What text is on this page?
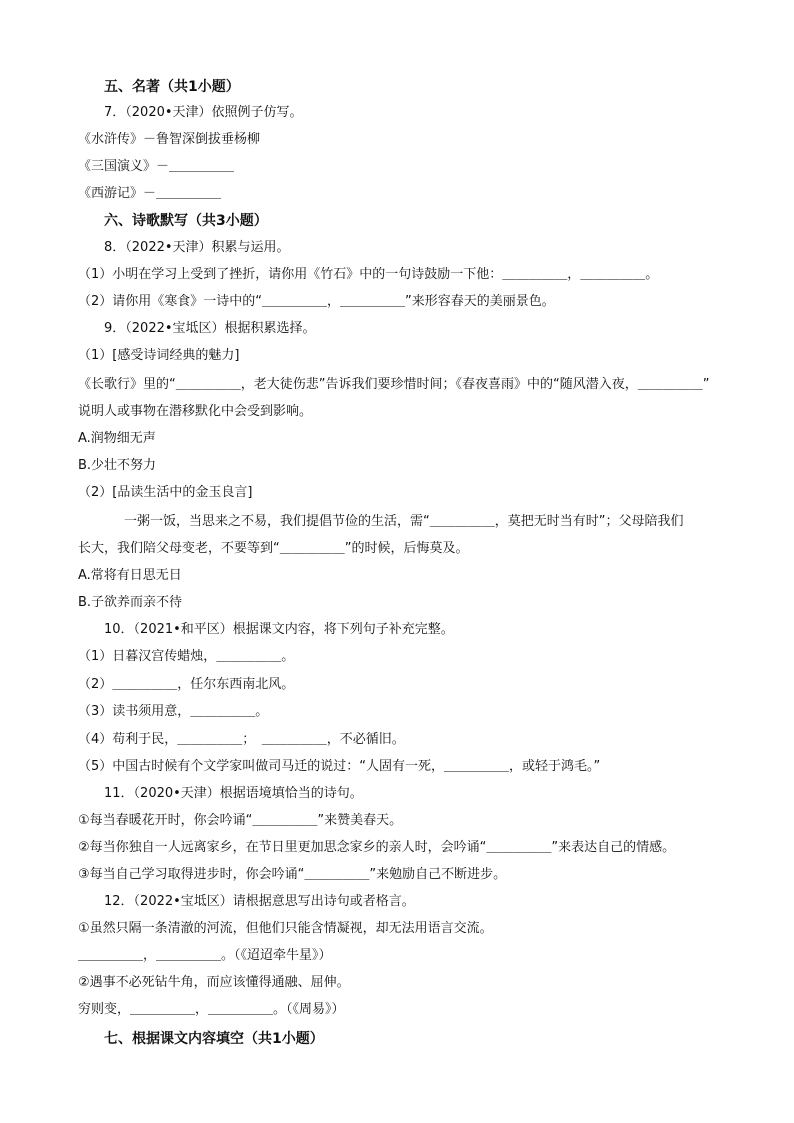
五、名著（共1小题）
7．（2020•天津）依照例子仿写。
《水浒传》－鲁智深倒拔垂杨柳
《三国演义》－＿＿＿＿＿
《西游记》－＿＿＿＿＿
六、诗歌默写（共3小题）
8．（2022•天津）积累与运用。
（1）小明在学习上受到了挫折，请你用《竹石》中的一句诗鼓励一下他：＿＿＿＿＿，＿＿＿＿＿。
（2）请你用《寒食》一诗中的“＿＿＿＿＿，＿＿＿＿＿”来形容春天的美丽景色。
9．（2022•宝坻区）根据积累选择。
（1）[感受诗词经典的魅力]
《长歌行》里的“＿＿＿＿＿，老大徒伤悲”告诉我们要珍惜时间；《春夜喜雨》中的“随风潜入夜，＿＿＿＿＿”
说明人或事物在潜移默化中会受到影响。
A.润物细无声
B.少壮不努力
（2）[品读生活中的金玉良言]
一粥一饭，当思来之不易，我们提倡节俭的生活，需“＿＿＿＿＿，莫把无时当有时”；父母陪我们
长大，我们陪父母变老，不要等到“＿＿＿＿＿”的时候，后悔莫及。
A.常将有日思无日
B.子欲养而亲不待
10．（2021•和平区）根据课文内容，将下列句子补充完整。
（1）日暮汉宫传蜡烛，＿＿＿＿＿。
（2）＿＿＿＿＿，任尔东西南北风。
（3）读书须用意，＿＿＿＿＿。
（4）苟利于民，＿＿＿＿＿；　＿＿＿＿＿，不必循旧。
（5）中国古时候有个文学家叫做司马迁的说过：“人固有一死，＿＿＿＿＿，或轻于鸿毛。”
11．（2020•天津）根据语境填恰当的诗句。
①每当春暖花开时，你会吟诵“＿＿＿＿＿”来赞美春天。
②每当你独自一人远离家乡，在节日里更加思念家乡的亲人时，会吟诵“＿＿＿＿＿”来表达自己的情感。
③每当自己学习取得进步时，你会吟诵“＿＿＿＿＿”来勉励自己不断进步。
12．（2022•宝坻区）请根据意思写出诗句或者格言。
①虽然只隔一条清澈的河流，但他们只能含情凝视，却无法用语言交流。
＿＿＿＿＿，＿＿＿＿＿。（《迢迢牵牛星》）
②遇事不必死钻牛角，而应该懂得通融、屈伸。
穷则变，＿＿＿＿＿，＿＿＿＿＿。（《周易》）
七、根据课文内容填空（共1小题）
